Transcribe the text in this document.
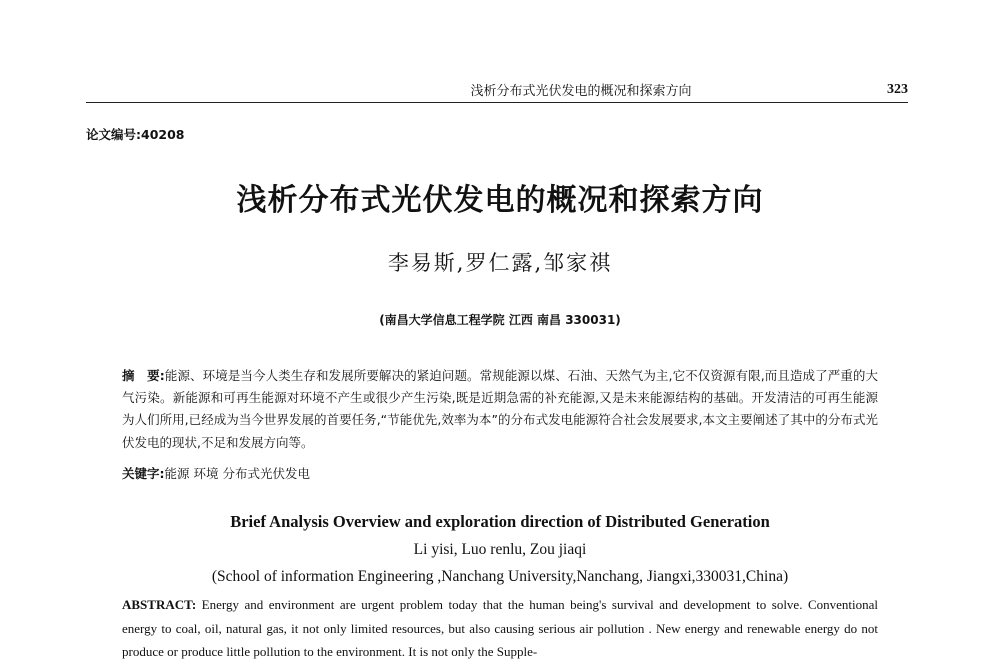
浅析分布式光伏发电的概况和探索方向	323
论文编号:40208
浅析分布式光伏发电的概况和探索方向
李易斯,罗仁露,邹家祺
(南昌大学信息工程学院 江西 南昌 330031)
摘　要:能源、环境是当今人类生存和发展所要解决的紧迫问题。常规能源以煤、石油、天然气为主,它不仅资源有限,而且造成了严重的大气污染。新能源和可再生能源对环境不产生或很少产生污染,既是近期急需的补充能源,又是未来能源结构的基础。开发清洁的可再生能源为人们所用,已经成为当今世界发展的首要任务,“节能优先,效率为本”的分布式发电能源符合社会发展要求,本文主要阐述了其中的分布式光伏发电的现状,不足和发展方向等。
关键字:能源 环境 分布式光伏发电
Brief Analysis Overview and exploration direction of Distributed Generation
Li yisi, Luo renlu, Zou jiaqi
(School of information Engineering ,Nanchang University,Nanchang, Jiangxi,330031,China)
ABSTRACT: Energy and environment are urgent problem today that the human being's survival and development to solve. Conventional energy to coal, oil, natural gas, it not only limited resources, but also causing serious air pollution . New energy and renewable energy do not produce or produce little pollution to the environment. It is not only the Supple-
